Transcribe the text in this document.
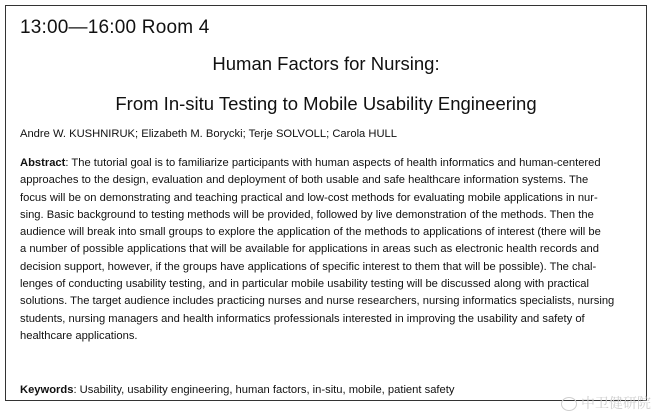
13:00—16:00 Room 4
Human Factors for Nursing:
From In-situ Testing to Mobile Usability Engineering
Andre W. KUSHNIRUK; Elizabeth M. Borycki; Terje SOLVOLL; Carola HULL
Abstract: The tutorial goal is to familiarize participants with human aspects of health informatics and human-centered
approaches to the design, evaluation and deployment of both usable and safe healthcare information systems. The
focus will be on demonstrating and teaching practical and low-cost methods for evaluating mobile applications in nur-
sing. Basic background to testing methods will be provided, followed by live demonstration of the methods. Then the
audience will break into small groups to explore the application of the methods to applications of interest (there will be
a number of possible applications that will be available for applications in areas such as electronic health records and
decision support, however, if the groups have applications of specific interest to them that will be possible). The chal-
lenges of conducting usability testing, and in particular mobile usability testing will be discussed along with practical
solutions. The target audience includes practicing nurses and nurse researchers, nursing informatics specialists, nursing
students, nursing managers and health informatics professionals interested in improving the usability and safety of
healthcare applications.
Keywords: Usability, usability engineering, human factors, in-situ, mobile, patient safety
中卫健研院
